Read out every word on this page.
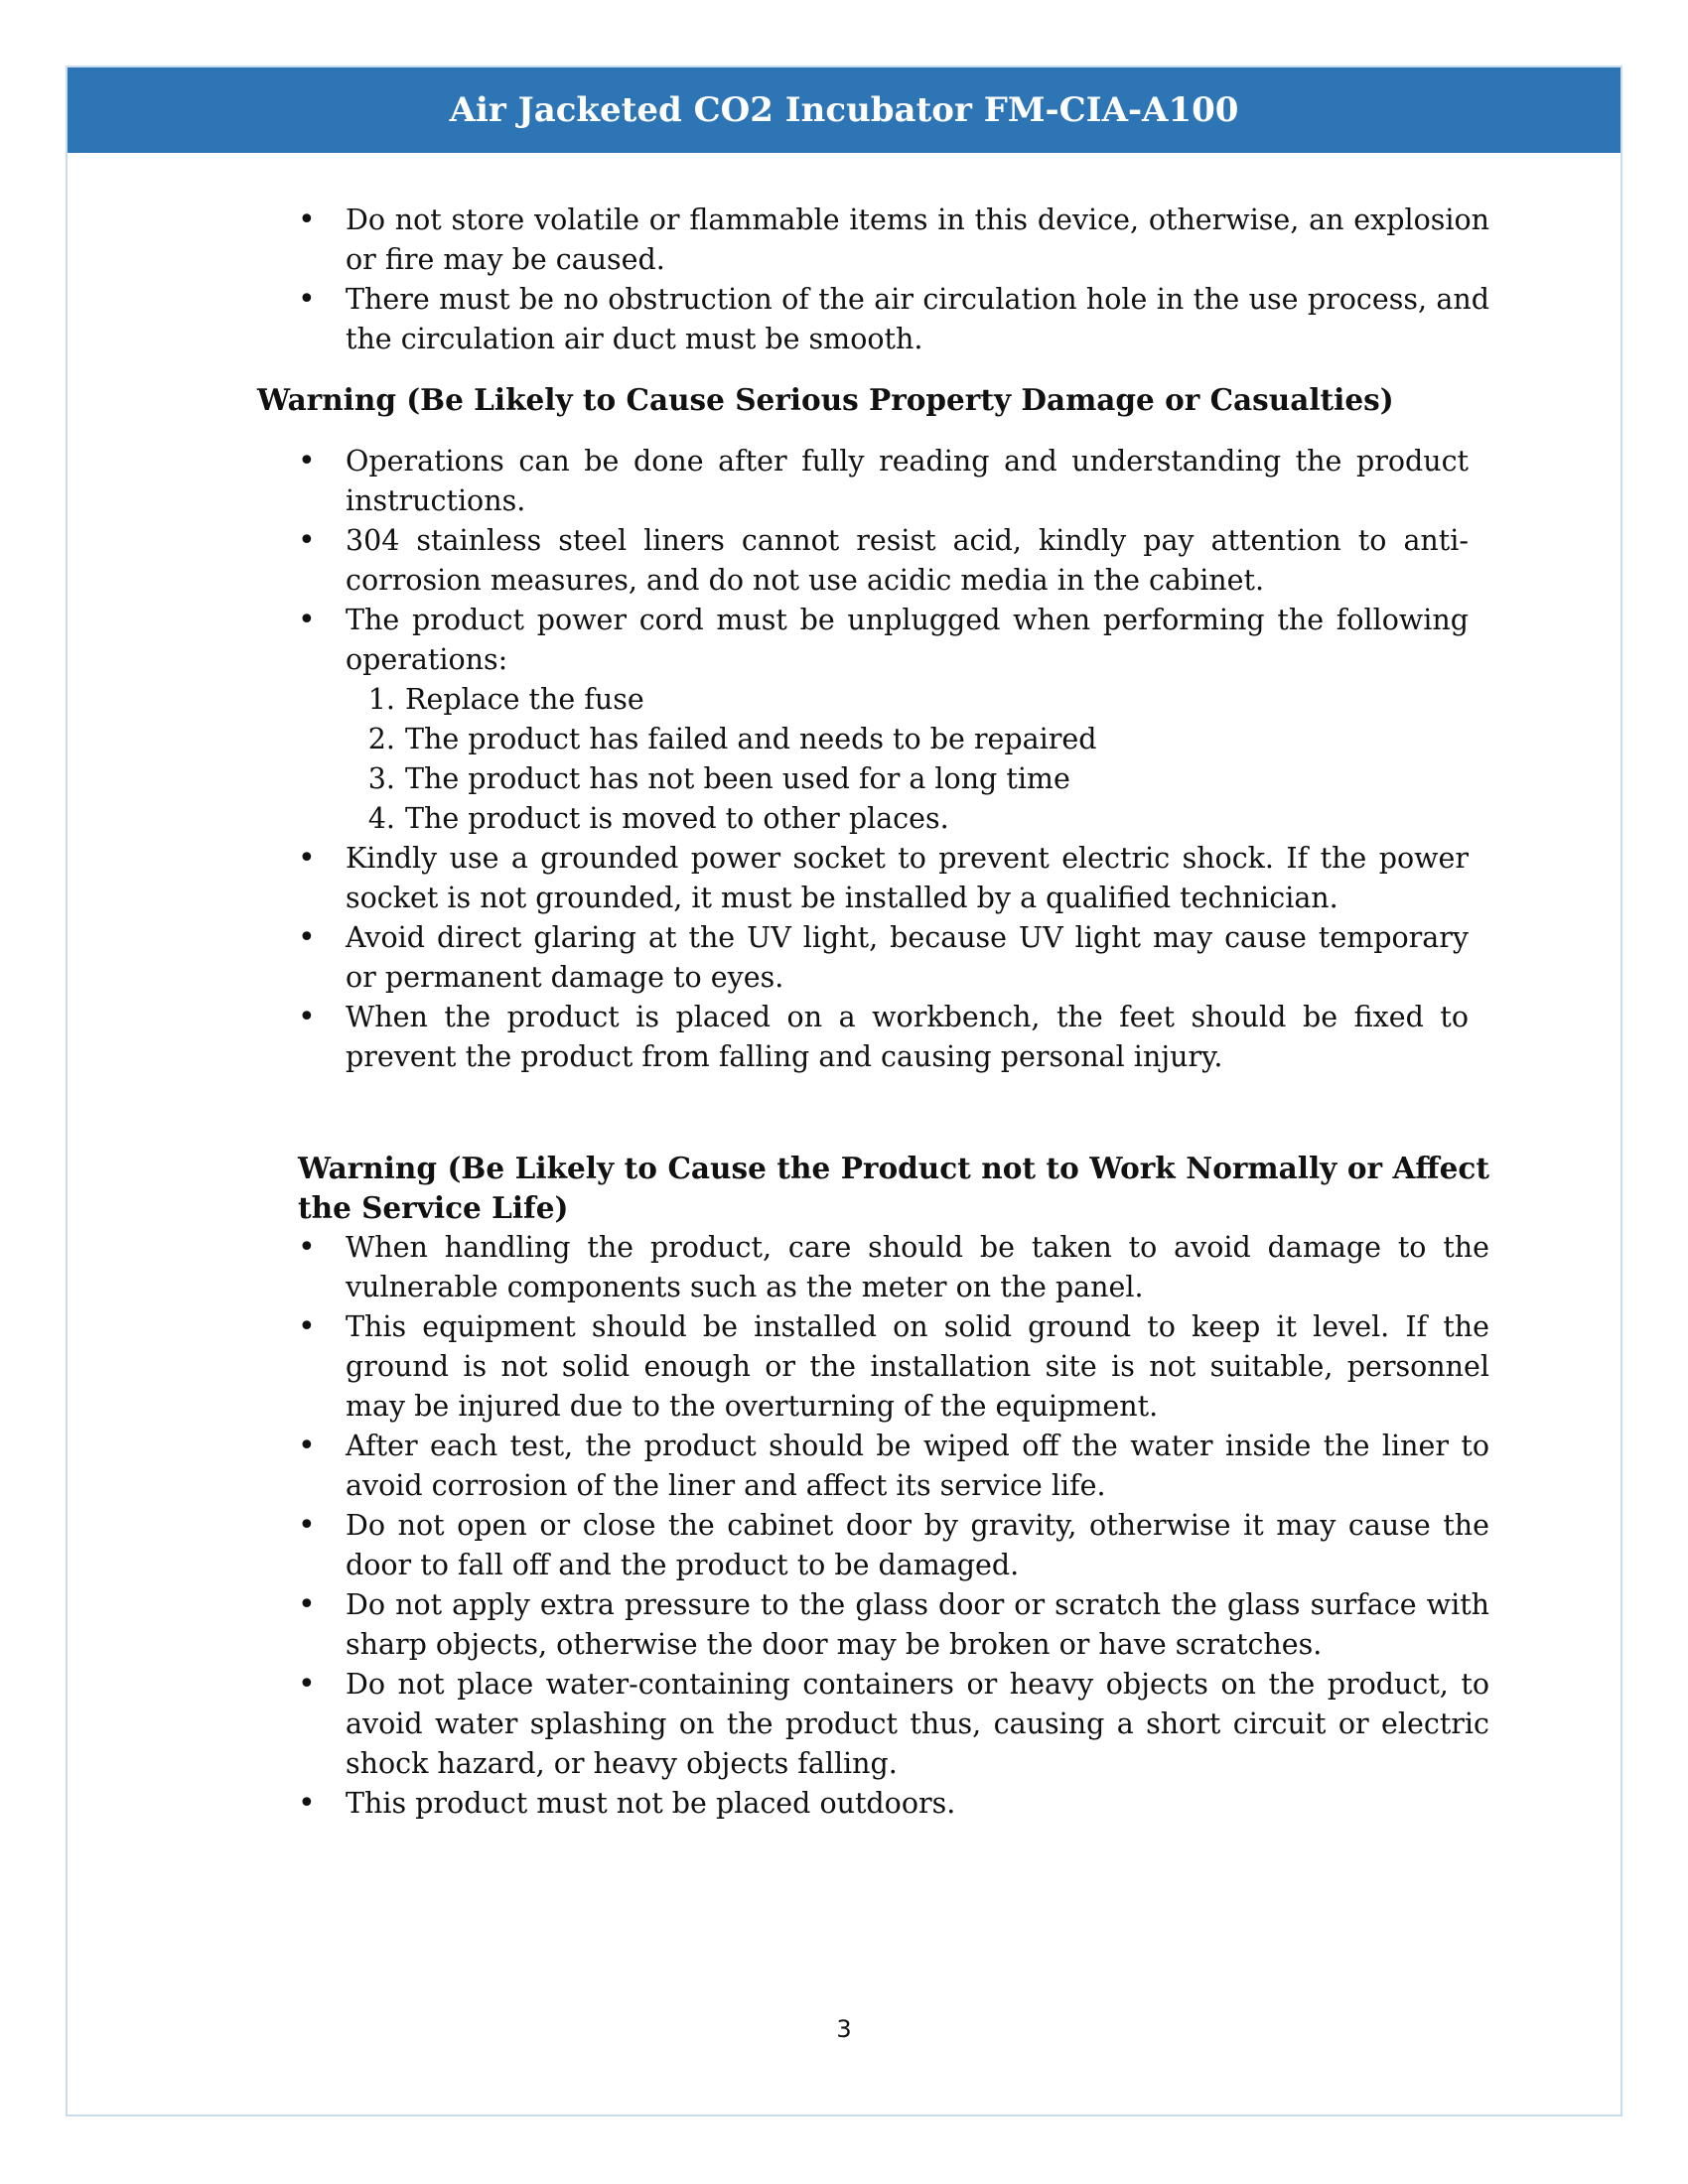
Air Jacketed CO2 Incubator FM-CIA-A100
• Do not store volatile or flammable items in this device, otherwise, an explosion or fire may be caused.
• There must be no obstruction of the air circulation hole in the use process, and the circulation air duct must be smooth.
Warning (Be Likely to Cause Serious Property Damage or Casualties)
• Operations can be done after fully reading and understanding the product instructions.
• 304 stainless steel liners cannot resist acid, kindly pay attention to anti-corrosion measures, and do not use acidic media in the cabinet.
• The product power cord must be unplugged when performing the following operations:
1. Replace the fuse
2. The product has failed and needs to be repaired
3. The product has not been used for a long time
4. The product is moved to other places.
• Kindly use a grounded power socket to prevent electric shock. If the power socket is not grounded, it must be installed by a qualified technician.
• Avoid direct glaring at the UV light, because UV light may cause temporary or permanent damage to eyes.
• When the product is placed on a workbench, the feet should be fixed to prevent the product from falling and causing personal injury.
Warning (Be Likely to Cause the Product not to Work Normally or Affect the Service Life)
• When handling the product, care should be taken to avoid damage to the vulnerable components such as the meter on the panel.
• This equipment should be installed on solid ground to keep it level. If the ground is not solid enough or the installation site is not suitable, personnel may be injured due to the overturning of the equipment.
• After each test, the product should be wiped off the water inside the liner to avoid corrosion of the liner and affect its service life.
• Do not open or close the cabinet door by gravity, otherwise it may cause the door to fall off and the product to be damaged.
• Do not apply extra pressure to the glass door or scratch the glass surface with sharp objects, otherwise the door may be broken or have scratches.
• Do not place water-containing containers or heavy objects on the product, to avoid water splashing on the product thus, causing a short circuit or electric shock hazard, or heavy objects falling.
• This product must not be placed outdoors.
3
